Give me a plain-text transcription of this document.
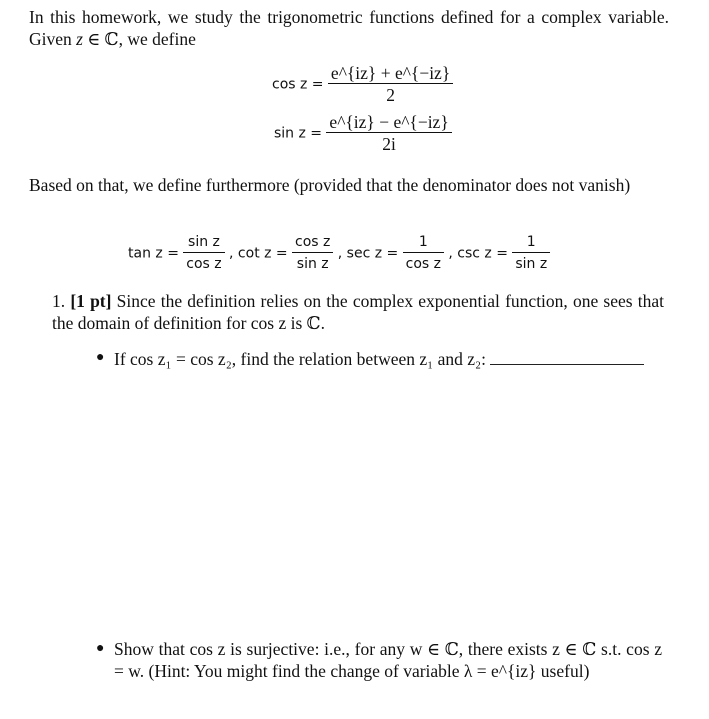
In this homework, we study the trigonometric functions defined for a complex variable. Given z ∈ ℂ, we define
$\cos z = \frac{e\^{}\{iz\} + e\^{}\{-iz\}}{2}$
$\sin z = \frac{e\^{}\{iz\} - e\^{}\{-iz\}}{2i}$
Based on that, we define furthermore (provided that the denominator does not vanish)
$\tan z = \frac{\text{sin z}}{\text{cos z}}$ , $\cot z = \frac{\text{cos z}}{\text{sin z}}$ , $\sec z = \frac{1}{\text{cos z}}$ , $\csc z = \frac{1}{\text{sin z}}$
1. [1 pt] Since the definition relies on the complex exponential function, one sees that the domain of definition for cos z is ℂ.
● If cos z₁ = cos z₂, find the relation between z₁ and z₂:
● Show that cos z is surjective: i.e., for any w ∈ ℂ, there exists z ∈ ℂ s.t. cos z = w. (Hint: You might find the change of variable λ = e^{iz} useful)
